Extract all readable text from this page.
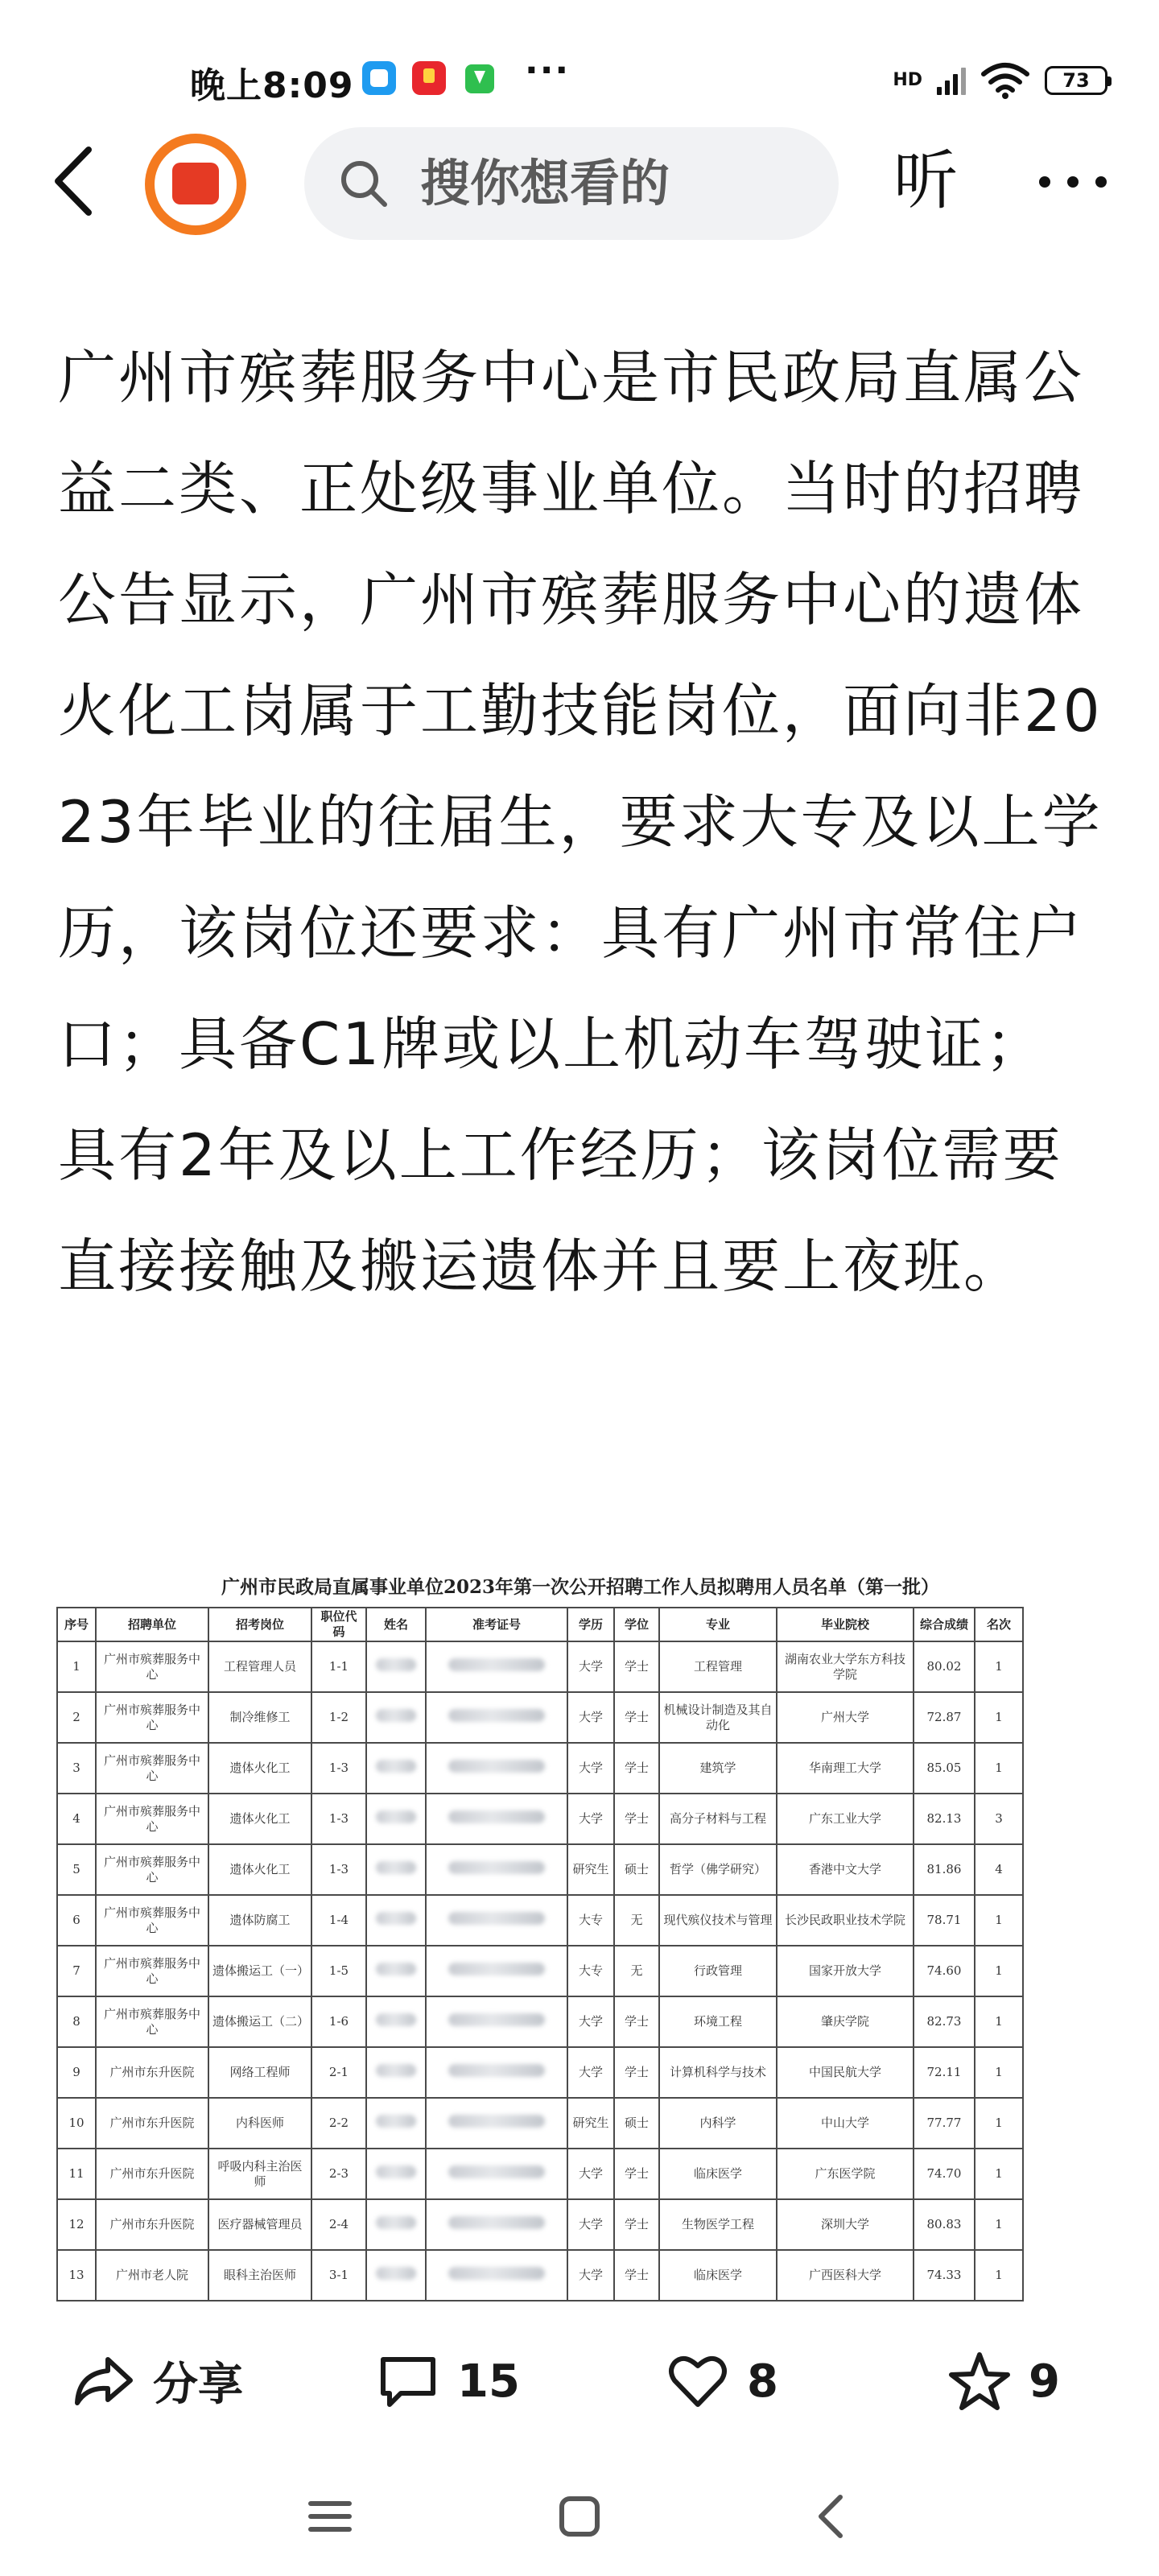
晚上8:09	···	HD	73
搜你想看的	听

广州市殡葬服务中心是市民政局直属公益二类、正处级事业单位。当时的招聘公告显示，广州市殡葬服务中心的遗体火化工岗属于工勤技能岗位，面向非2023年毕业的往届生，要求大专及以上学历，该岗位还要求：具有广州市常住户口；具备C1牌或以上机动车驾驶证；具有2年及以上工作经历；该岗位需要直接接触及搬运遗体并且要上夜班。

广州市民政局直属事业单位2023年第一次公开招聘工作人员拟聘用人员名单（第一批）
序号	招聘单位	招考岗位	职位代码	姓名	准考证号	学历	学位	专业	毕业院校	综合成绩	名次
1	广州市殡葬服务中心	工程管理人员	1-1			大学	学士	工程管理	湖南农业大学东方科技学院	80.02	1
2	广州市殡葬服务中心	制冷维修工	1-2			大学	学士	机械设计制造及其自动化	广州大学	72.87	1
3	广州市殡葬服务中心	遗体火化工	1-3			大学	学士	建筑学	华南理工大学	85.05	1
4	广州市殡葬服务中心	遗体火化工	1-3			大学	学士	高分子材料与工程	广东工业大学	82.13	3
5	广州市殡葬服务中心	遗体火化工	1-3			研究生	硕士	哲学（佛学研究）	香港中文大学	81.86	4
6	广州市殡葬服务中心	遗体防腐工	1-4			大专	无	现代殡仪技术与管理	长沙民政职业技术学院	78.71	1
7	广州市殡葬服务中心	遗体搬运工（一）	1-5			大专	无	行政管理	国家开放大学	74.60	1
8	广州市殡葬服务中心	遗体搬运工（二）	1-6			大学	学士	环境工程	肇庆学院	82.73	1
9	广州市东升医院	网络工程师	2-1			大学	学士	计算机科学与技术	中国民航大学	72.11	1
10	广州市东升医院	内科医师	2-2			研究生	硕士	内科学	中山大学	77.77	1
11	广州市东升医院	呼吸内科主治医师	2-3			大学	学士	临床医学	广东医学院	74.70	1
12	广州市东升医院	医疗器械管理员	2-4			大学	学士	生物医学工程	深圳大学	80.83	1
13	广州市老人院	眼科主治医师	3-1			大学	学士	临床医学	广西医科大学	74.33	1
分享	15	8	9
